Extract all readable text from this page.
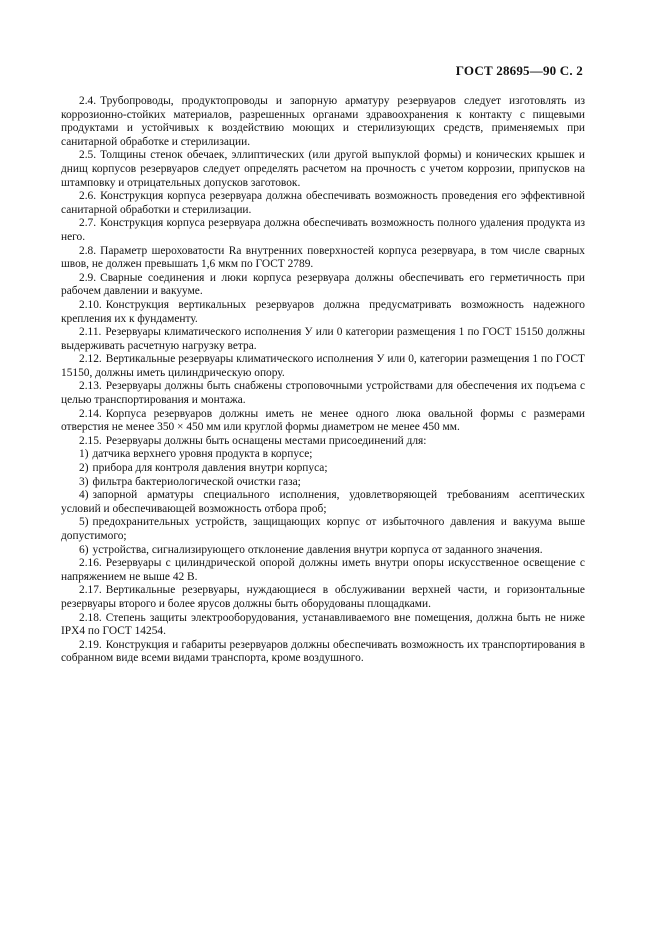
ГОСТ 28695—90 С. 2

2.4. Трубопроводы, продуктопроводы и запорную арматуру резервуаров следует изготовлять из коррозионно-стойких материалов, разрешенных органами здравоохранения к контакту с пищевыми продуктами и устойчивых к воздействию моющих и стерилизующих средств, применяемых при санитарной обработке и стерилизации.

2.5. Толщины стенок обечаек, эллиптических (или другой выпуклой формы) и конических крышек и днищ корпусов резервуаров следует определять расчетом на прочность с учетом коррозии, припусков на штамповку и отрицательных допусков заготовок.

2.6. Конструкция корпуса резервуара должна обеспечивать возможность проведения его эффективной санитарной обработки и стерилизации.

2.7. Конструкция корпуса резервуара должна обеспечивать возможность полного удаления продукта из него.

2.8. Параметр шероховатости Ra внутренних поверхностей корпуса резервуара, в том числе сварных швов, не должен превышать 1,6 мкм по ГОСТ 2789.

2.9. Сварные соединения и люки корпуса резервуара должны обеспечивать его герметичность при рабочем давлении и вакууме.

2.10. Конструкция вертикальных резервуаров должна предусматривать возможность надежного крепления их к фундаменту.

2.11. Резервуары климатического исполнения У или 0 категории размещения 1 по ГОСТ 15150 должны выдерживать расчетную нагрузку ветра.

2.12. Вертикальные резервуары климатического исполнения У или 0, категории размещения 1 по ГОСТ 15150, должны иметь цилиндрическую опору.

2.13. Резервуары должны быть снабжены строповочными устройствами для обеспечения их подъема с целью транспортирования и монтажа.

2.14. Корпуса резервуаров должны иметь не менее одного люка овальной формы с размерами отверстия не менее 350 × 450 мм или круглой формы диаметром не менее 450 мм.

2.15. Резервуары должны быть оснащены местами присоединений для:

1) датчика верхнего уровня продукта в корпусе;

2) прибора для контроля давления внутри корпуса;

3) фильтра бактериологической очистки газа;

4) запорной арматуры специального исполнения, удовлетворяющей требованиям асептических условий и обеспечивающей возможность отбора проб;

5) предохранительных устройств, защищающих корпус от избыточного давления и вакуума выше допустимого;

6) устройства, сигнализирующего отклонение давления внутри корпуса от заданного значения.

2.16. Резервуары с цилиндрической опорой должны иметь внутри опоры искусственное освещение с напряжением не выше 42 В.

2.17. Вертикальные резервуары, нуждающиеся в обслуживании верхней части, и горизонтальные резервуары второго и более ярусов должны быть оборудованы площадками.

2.18. Степень защиты электрооборудования, устанавливаемого вне помещения, должна быть не ниже IPX4 по ГОСТ 14254.

2.19. Конструкция и габариты резервуаров должны обеспечивать возможность их транспортирования в собранном виде всеми видами транспорта, кроме воздушного.
